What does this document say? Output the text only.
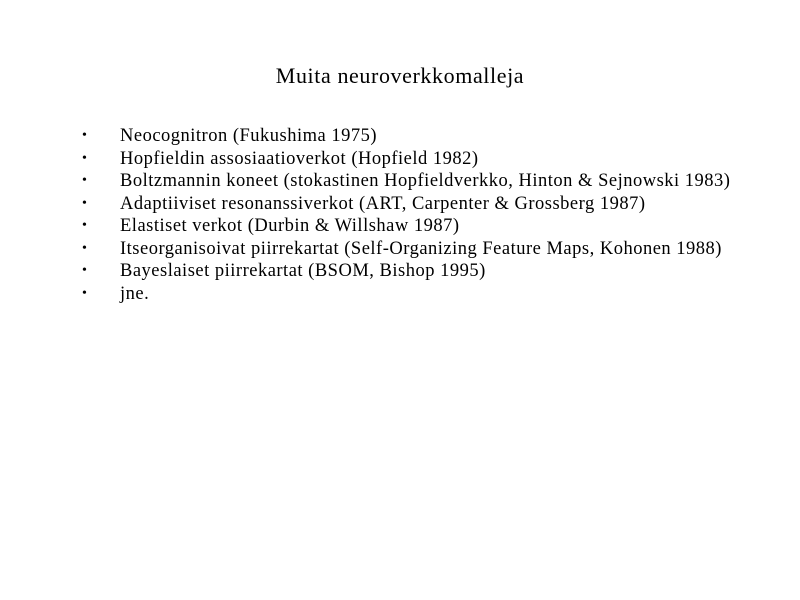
Muita neuroverkkomalleja
• Neocognitron (Fukushima 1975)
• Hopfieldin assosiaatioverkot (Hopfield 1982)
• Boltzmannin koneet (stokastinen Hopfieldverkko, Hinton & Sejnowski 1983)
• Adaptiiviset resonanssiverkot (ART, Carpenter & Grossberg 1987)
• Elastiset verkot (Durbin & Willshaw 1987)
• Itseorganisoivat piirrekartat (Self-Organizing Feature Maps, Kohonen 1988)
• Bayeslaiset piirrekartat (BSOM, Bishop 1995)
• jne.
